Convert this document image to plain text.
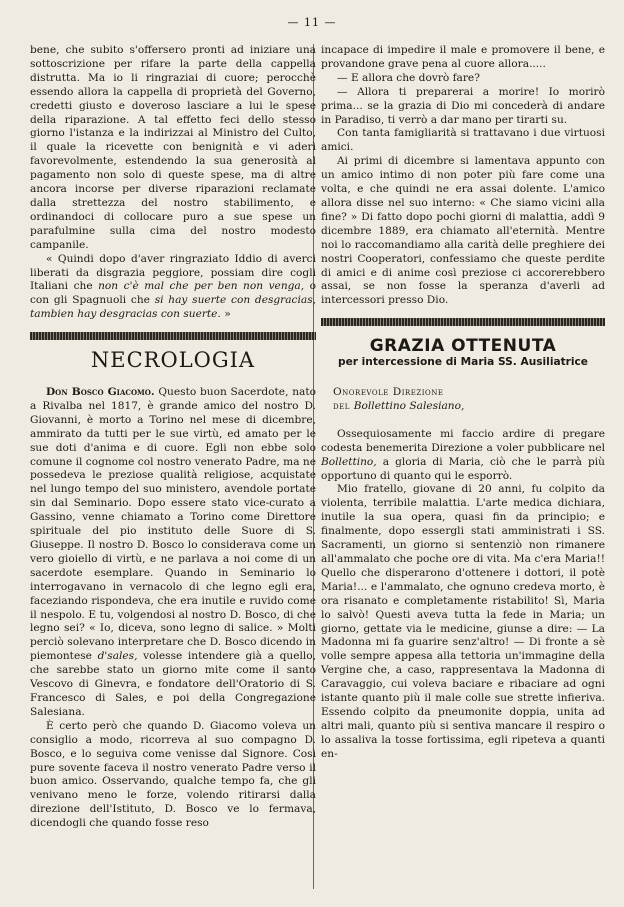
— 11 —

bene, che subito s'offersero pronti ad iniziare una sottoscrizione per rifare la parte della cappella distrutta. Ma io li ringraziai di cuore; perocchè essendo allora la cappella di proprietà del Governo, credetti giusto e doveroso lasciare a lui le spese della riparazione. A tal effetto feci dello stesso giorno l'istanza e la indirizzai al Ministro del Culto, il quale la ricevette con benignità e vi aderì favorevolmente, estendendo la sua generosità al pagamento non solo di queste spese, ma di altre ancora incorse per diverse riparazioni reclamate dalla strettezza del nostro stabilimento, e ordinandoci di collocare puro a sue spese un parafulmine sulla cima del nostro modesto campanile.

« Quindi dopo d'aver ringraziato Iddio di averci liberati da disgrazia peggiore, possiam dire cogli Italiani che non c'è mal che per ben non venga, o con gli Spagnuoli che si hay suerte con desgracias, tambien hay desgracias con suerte. »

NECROLOGIA

Don Bosco Giacomo. Questo buon Sacerdote, nato a Rivalba nel 1817, è grande amico del nostro D. Giovanni, è morto a Torino nel mese di dicembre, ammirato da tutti per le sue virtù, ed amato per le sue doti d'anima e di cuore. Egli non ebbe solo comune il cognome col nostro venerato Padre, ma ne possedeva le preziose qualità religiose, acquistate nel lungo tempo del suo ministero, avendole portate sin dal Seminario. Dopo essere stato vice-curato a Gassino, venne chiamato a Torino come Direttore spirituale del pio instituto delle Suore di S. Giuseppe. Il nostro D. Bosco lo considerava come un vero gioiello di virtù, e ne parlava a noi come di un sacerdote esemplare. Quando in Seminario lo interrogavano in vernacolo di che legno egli era, faceziando rispondeva, che era inutile e ruvido come il nespolo. E tu, volgendosi al nostro D. Bosco, di che legno sei? « Io, diceva, sono legno di salice. » Molti perciò solevano interpretare che D. Bosco dicendo in piemontese d'sales, volesse intendere già a quello, che sarebbe stato un giorno mite come il santo Vescovo di Ginevra, e fondatore dell'Oratorio di S. Francesco di Sales, e poi della Congregazione Salesiana.

È certo però che quando D. Giacomo voleva un consiglio a modo, ricorreva al suo compagno D. Bosco, e lo seguiva come venisse dal Signore. Così pure sovente faceva il nostro venerato Padre verso il buon amico. Osservando, qualche tempo fa, che gli venivano meno le forze, volendo ritirarsi dalla direzione dell'Istituto, D. Bosco ve lo fermava, dicendogli che quando fosse reso

incapace di impedire il male e promovere il bene, e provandone grave pena al cuore allora.....

— E allora che dovrò fare?

— Allora ti preparerai a morire! Io morirò prima... se la grazia di Dio mi concederà di andare in Paradiso, ti verrò a dar mano per tirarti su.

Con tanta famigliarità si trattavano i due virtuosi amici.

Ai primi di dicembre si lamentava appunto con un amico intimo di non poter più fare come una volta, e che quindi ne era assai dolente. L'amico allora disse nel suo interno: « Che siamo vicini alla fine? » Di fatto dopo pochi giorni di malattia, addì 9 dicembre 1889, era chiamato all'eternità. Mentre noi lo raccomandiamo alla carità delle preghiere dei nostri Cooperatori, confessiamo che queste perdite di amici e di anime così preziose ci accorerebbero assai, se non fosse la speranza d'averli ad intercessori presso Dio.

GRAZIA OTTENUTA
per intercessione di Maria SS. Ausiliatrice
Onorevole Direzione
del Bollettino Salesiano,

Ossequiosamente mi faccio ardire di pregare codesta benemerita Direzione a voler pubblicare nel Bollettino, a gloria di Maria, ciò che le parrà più opportuno di quanto qui le esporrò.

Mio fratello, giovane di 20 anni, fu colpito da violenta, terribile malattia. L'arte medica dichiara, inutile la sua opera, quasi fin da principio; e finalmente, dopo essergli stati amministrati i SS. Sacramenti, un giorno si sentenziò non rimanere all'ammalato che poche ore di vita. Ma c'era Maria!! Quello che disperarono d'ottenere i dottori, il potè Maria!... e l'ammalato, che ognuno credeva morto, è ora risanato e completamente ristabilito! Sì, Maria lo salvò! Questi aveva tutta la fede in Maria; un giorno, gettate via le medicine, giunse a dire: — La Madonna mi fa guarire senz'altro! — Di fronte a sè volle sempre appesa alla tettoria un'immagine della Vergine che, a caso, rappresentava la Madonna di Caravaggio, cui voleva baciare e ribaciare ad ogni istante quanto più il male colle sue strette infieriva. Essendo colpito da pneumonite doppia, unita ad altri mali, quanto più si sentiva mancare il respiro o lo assaliva la tosse fortissima, egli ripeteva a quanti en-
